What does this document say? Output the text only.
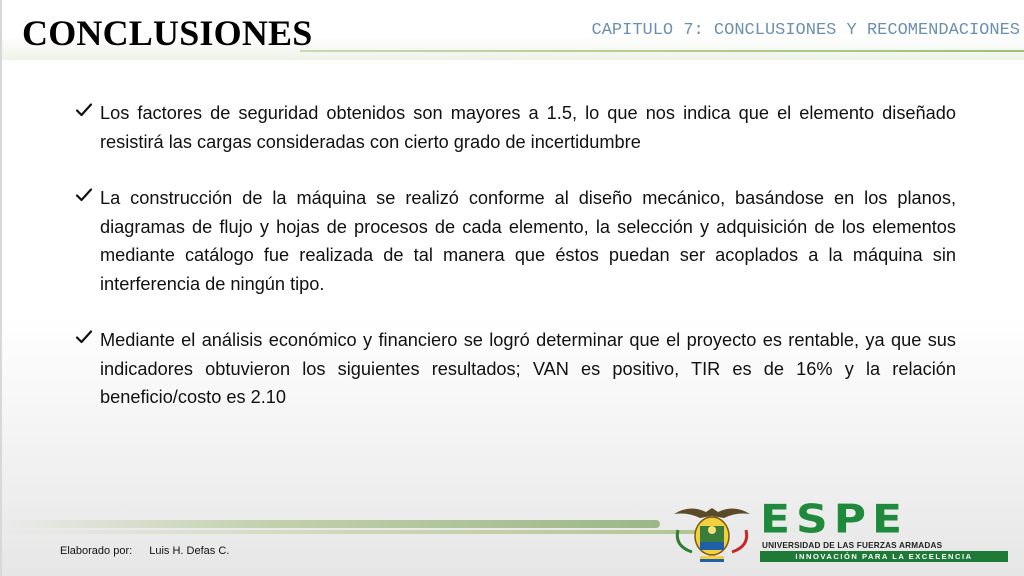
CONCLUSIONES	CAPITULO 7: CONCLUSIONES Y RECOMENDACIONES
Los factores de seguridad obtenidos son mayores a 1.5, lo que nos indica que el elemento diseñado resistirá las cargas consideradas con cierto grado de incertidumbre
La construcción de la máquina se realizó conforme al diseño mecánico, basándose en los planos, diagramas de flujo y hojas de procesos de cada elemento, la selección y adquisición de los elementos mediante catálogo fue realizada de tal manera que éstos puedan ser acoplados a la máquina sin interferencia de ningún tipo.
Mediante el análisis económico y financiero se logró determinar que el proyecto es rentable, ya que sus indicadores obtuvieron los siguientes resultados; VAN es positivo, TIR es de 16% y la relación beneficio/costo es 2.10
Elaborado por: Luis H. Defas C.
ESPE
UNIVERSIDAD DE LAS FUERZAS ARMADAS
INNOVACIÓN PARA LA EXCELENCIA
